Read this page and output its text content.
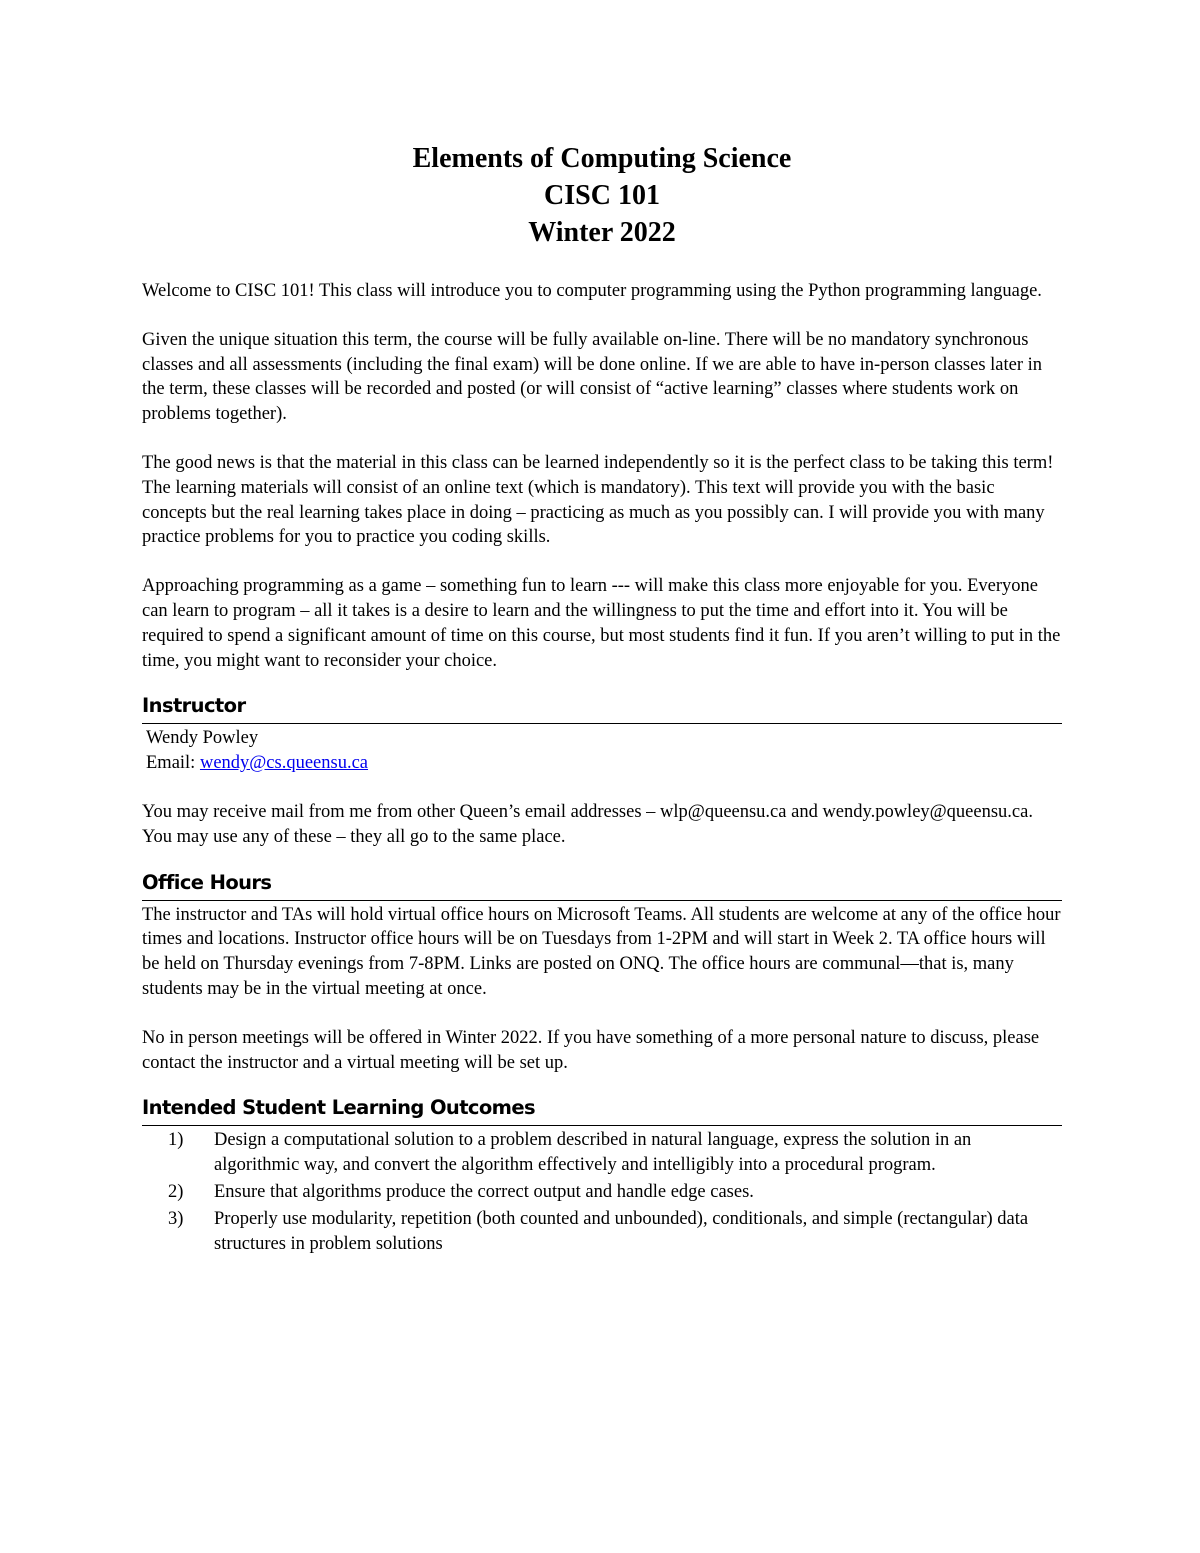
Elements of Computing Science
CISC 101
Winter 2022

Welcome to CISC 101! This class will introduce you to computer programming using the Python programming language.

Given the unique situation this term, the course will be fully available on-line. There will be no mandatory synchronous classes and all assessments (including the final exam) will be done online. If we are able to have in-person classes later in the term, these classes will be recorded and posted (or will consist of “active learning” classes where students work on problems together).

The good news is that the material in this class can be learned independently so it is the perfect class to be taking this term! The learning materials will consist of an online text (which is mandatory). This text will provide you with the basic concepts but the real learning takes place in doing – practicing as much as you possibly can. I will provide you with many practice problems for you to practice you coding skills.

Approaching programming as a game – something fun to learn --- will make this class more enjoyable for you. Everyone can learn to program – all it takes is a desire to learn and the willingness to put the time and effort into it. You will be required to spend a significant amount of time on this course, but most students find it fun. If you aren’t willing to put in the time, you might want to reconsider your choice.

Instructor
Wendy Powley
Email: wendy@cs.queensu.ca

You may receive mail from me from other Queen’s email addresses – wlp@queensu.ca and wendy.powley@queensu.ca. You may use any of these – they all go to the same place.

Office Hours

The instructor and TAs will hold virtual office hours on Microsoft Teams. All students are welcome at any of the office hour times and locations. Instructor office hours will be on Tuesdays from 1-2PM and will start in Week 2. TA office hours will be held on Thursday evenings from 7-8PM. Links are posted on ONQ. The office hours are communal—that is, many students may be in the virtual meeting at once.

No in person meetings will be offered in Winter 2022. If you have something of a more personal nature to discuss, please contact the instructor and a virtual meeting will be set up.

Intended Student Learning Outcomes
1)	Design a computational solution to a problem described in natural language, express the solution in an algorithmic way, and convert the algorithm effectively and intelligibly into a procedural program.
2)	Ensure that algorithms produce the correct output and handle edge cases.
3)	Properly use modularity, repetition (both counted and unbounded), conditionals, and simple (rectangular) data structures in problem solutions
